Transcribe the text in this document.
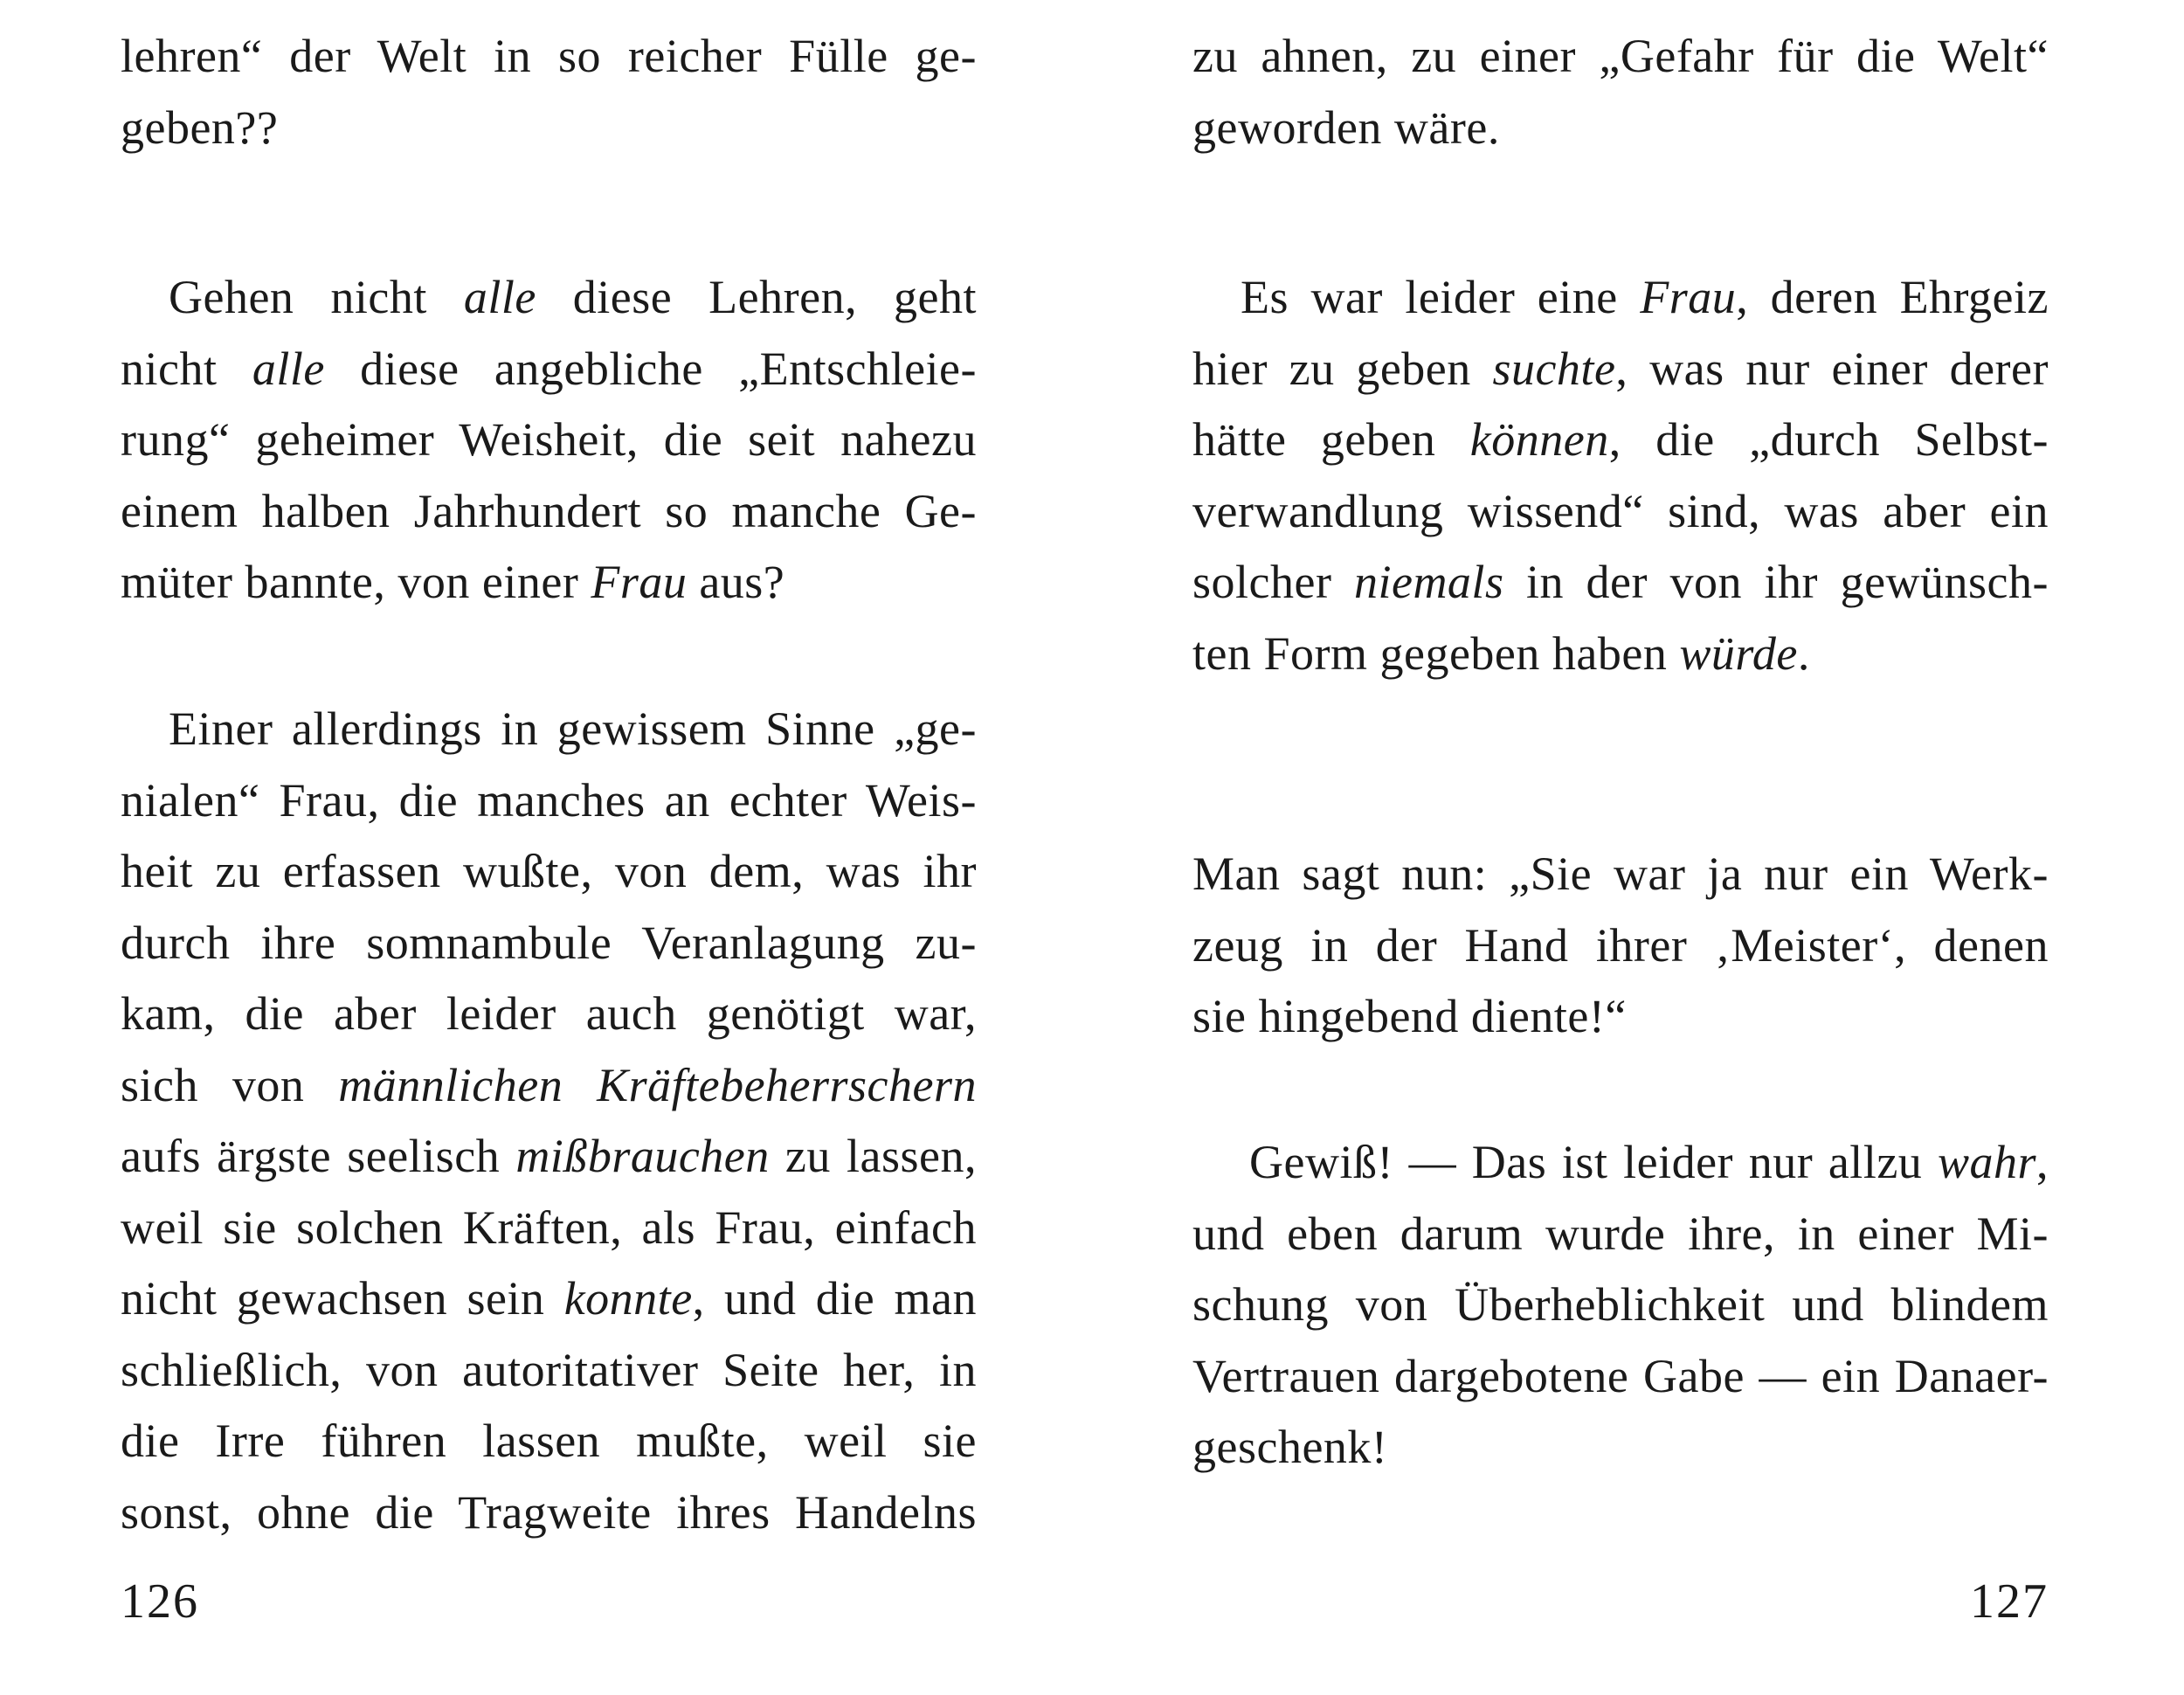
lehren“ der Welt in so reicher Fülle ge-
geben??
Gehen nicht alle diese Lehren, geht
nicht alle diese angebliche „Entschleie-
rung“ geheimer Weisheit, die seit nahezu
einem halben Jahrhundert so manche Ge-
müter bannte, von einer Frau aus?
Einer allerdings in gewissem Sinne „ge-
nialen“ Frau, die manches an echter Weis-
heit zu erfassen wußte, von dem, was ihr
durch ihre somnambule Veranlagung zu-
kam, die aber leider auch genötigt war,
sich von männlichen Kräftebeherrschern
aufs ärgste seelisch mißbrauchen zu lassen,
weil sie solchen Kräften, als Frau, einfach
nicht gewachsen sein konnte, und die man
schließlich, von autoritativer Seite her, in
die Irre führen lassen mußte, weil sie
sonst, ohne die Tragweite ihres Handelns
126
zu ahnen, zu einer „Gefahr für die Welt“
geworden wäre.
Es war leider eine Frau, deren Ehrgeiz
hier zu geben suchte, was nur einer derer
hätte geben können, die „durch Selbst-
verwandlung wissend“ sind, was aber ein
solcher niemals in der von ihr gewünsch-
ten Form gegeben haben würde.
Man sagt nun: „Sie war ja nur ein Werk-
zeug in der Hand ihrer ‚Meister‘, denen
sie hingebend diente!“
Gewiß! — Das ist leider nur allzu wahr,
und eben darum wurde ihre, in einer Mi-
schung von Überheblichkeit und blindem
Vertrauen dargebotene Gabe — ein Danaer-
geschenk!
127
